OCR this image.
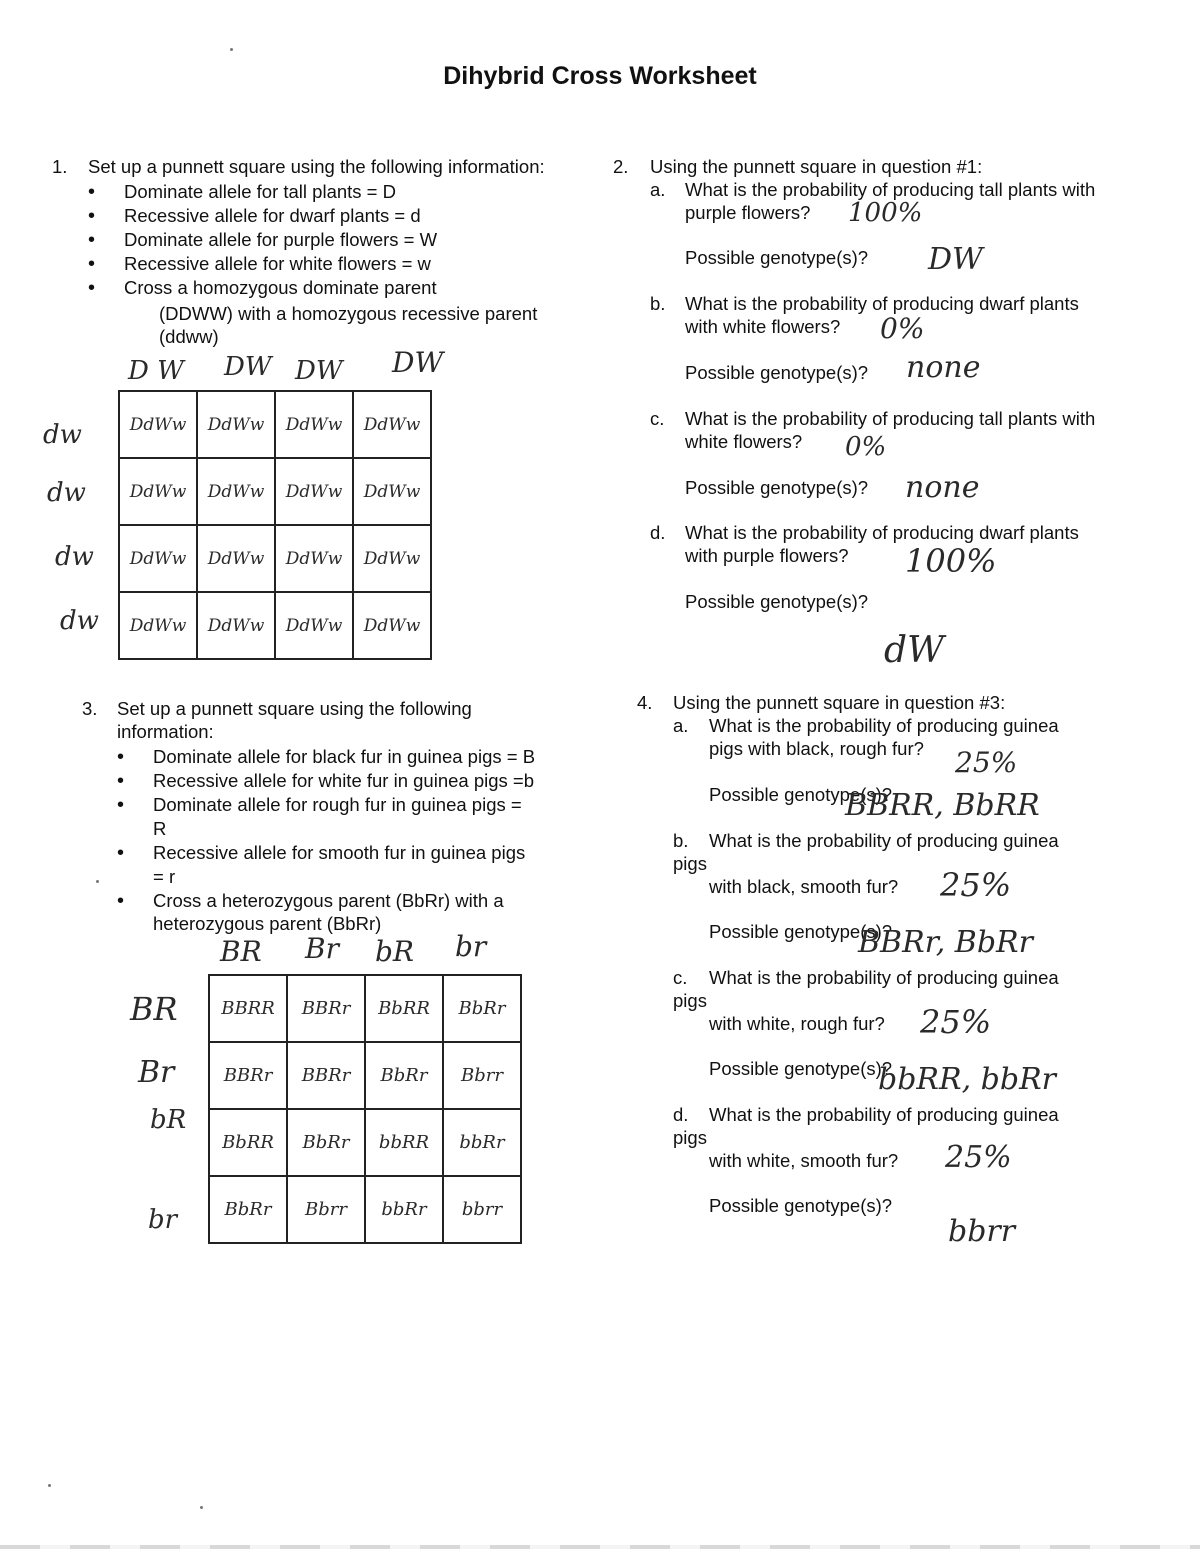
Dihybrid Cross Worksheet
1. Set up a punnett square using the following information:
• Dominate allele for tall plants = D
• Recessive allele for dwarf plants = d
• Dominate allele for purple flowers = W
• Recessive allele for white flowers = w
• Cross a homozygous dominate parent
(DDWW) with a homozygous recessive parent
(ddww)
D W DW DW DW
dw
dw
dw
dw
DdWw	DdWw	DdWw	DdWw
DdWw	DdWw	DdWw	DdWw
DdWw	DdWw	DdWw	DdWw
DdWw	DdWw	DdWw	DdWw
2. Using the punnett square in question #1:
a. What is the probability of producing tall plants with
purple flowers? 100%
Possible genotype(s)? DW
b. What is the probability of producing dwarf plants
with white flowers? 0%
Possible genotype(s)? none
c. What is the probability of producing tall plants with
white flowers? 0%
Possible genotype(s)? none
d. What is the probability of producing dwarf plants
with purple flowers? 100%
Possible genotype(s)?
dW
3. Set up a punnett square using the following
information:
• Dominate allele for black fur in guinea pigs = B
• Recessive allele for white fur in guinea pigs =b
• Dominate allele for rough fur in guinea pigs =
• Recessive allele for smooth fur in guinea pigs
• Cross a heterozygous parent (BbRr) with a
R
= r
heterozygous parent (BbRr)
BR Br bR br
BR
Br
bR
br
BBRR	BBRr	BbRR	BbRr
BBRr	BBRr	BbRr	Bbrr
BbRR	BbRr	bbRR	bbRr
BbRr	Bbrr	bbRr	bbrr
4. Using the punnett square in question #3:
a. What is the probability of producing guinea
pigs with black, rough fur? 25%
Possible genotype(s)?
BBRR, BbRR
b. What is the probability of producing guinea
pigs
with black, smooth fur? 25%
Possible genotype(s)?
BBRr, BbRr
c. What is the probability of producing guinea
pigs
with white, rough fur? 25%
Possible genotype(s)?
bbRR, bbRr
d. What is the probability of producing guinea
pigs
with white, smooth fur? 25%
Possible genotype(s)?
bbrr
